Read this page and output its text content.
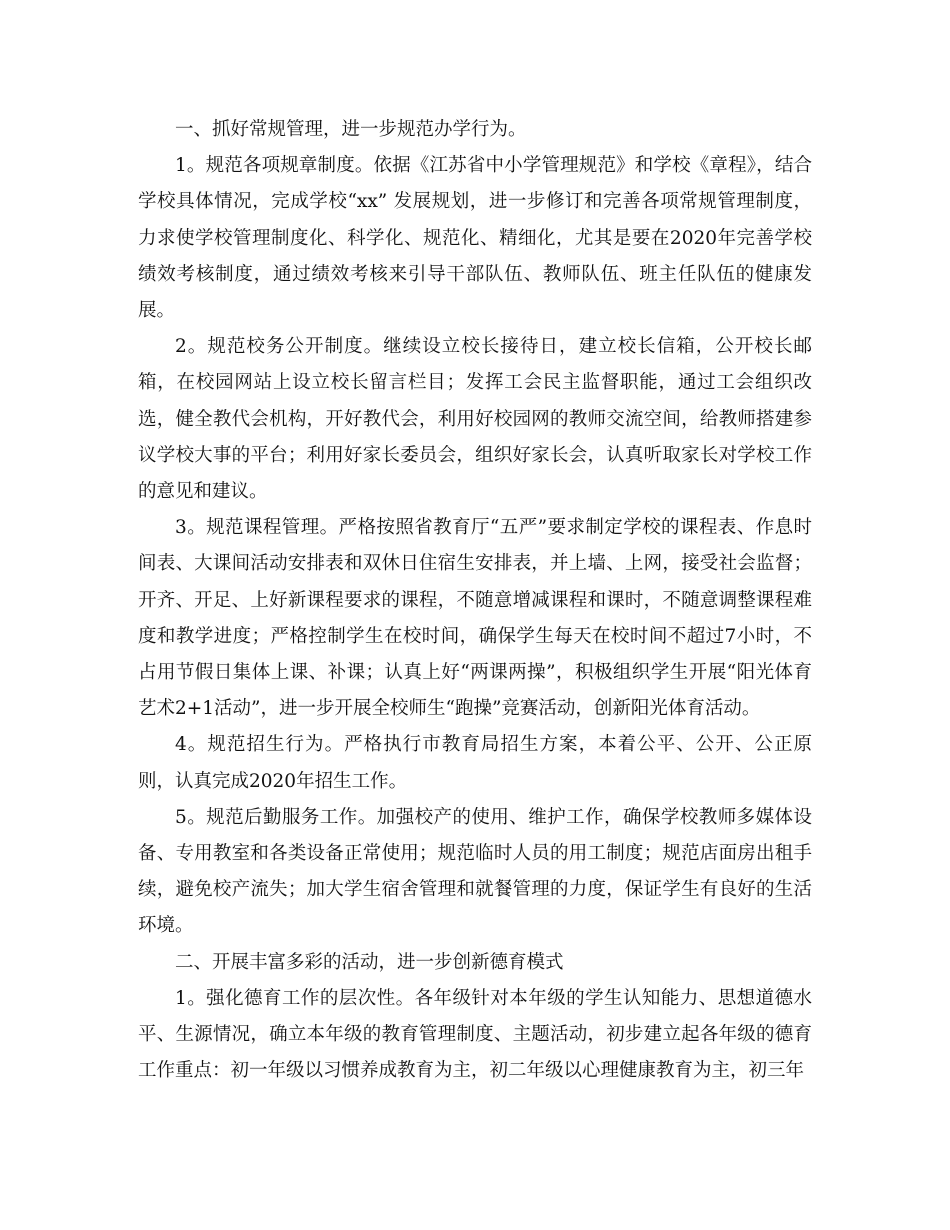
一、抓好常规管理，进一步规范办学行为。

1。规范各项规章制度。依据《江苏省中小学管理规范》和学校《章程》，结合学校具体情况，完成学校“xx” 发展规划，进一步修订和完善各项常规管理制度，力求使学校管理制度化、科学化、规范化、精细化，尤其是要在2020年完善学校绩效考核制度，通过绩效考核来引导干部队伍、教师队伍、班主任队伍的健康发展。

2。规范校务公开制度。继续设立校长接待日，建立校长信箱，公开校长邮箱，在校园网站上设立校长留言栏目；发挥工会民主监督职能，通过工会组织改选，健全教代会机构，开好教代会，利用好校园网的教师交流空间，给教师搭建参议学校大事的平台；利用好家长委员会，组织好家长会，认真听取家长对学校工作的意见和建议。

3。规范课程管理。严格按照省教育厅“五严”要求制定学校的课程表、作息时间表、大课间活动安排表和双休日住宿生安排表，并上墙、上网，接受社会监督；开齐、开足、上好新课程要求的课程，不随意增减课程和课时，不随意调整课程难度和教学进度；严格控制学生在校时间，确保学生每天在校时间不超过7小时，不占用节假日集体上课、补课；认真上好“两课两操”，积极组织学生开展“阳光体育艺术2+1活动”，进一步开展全校师生“跑操”竞赛活动，创新阳光体育活动。

4。规范招生行为。严格执行市教育局招生方案，本着公平、公开、公正原则，认真完成2020年招生工作。

5。规范后勤服务工作。加强校产的使用、维护工作，确保学校教师多媒体设备、专用教室和各类设备正常使用；规范临时人员的用工制度；规范店面房出租手续，避免校产流失；加大学生宿舍管理和就餐管理的力度，保证学生有良好的生活环境。

二、开展丰富多彩的活动，进一步创新德育模式

1。强化德育工作的层次性。各年级针对本年级的学生认知能力、思想道德水平、生源情况，确立本年级的教育管理制度、主题活动，初步建立起各年级的德育工作重点：初一年级以习惯养成教育为主，初二年级以心理健康教育为主，初三年
